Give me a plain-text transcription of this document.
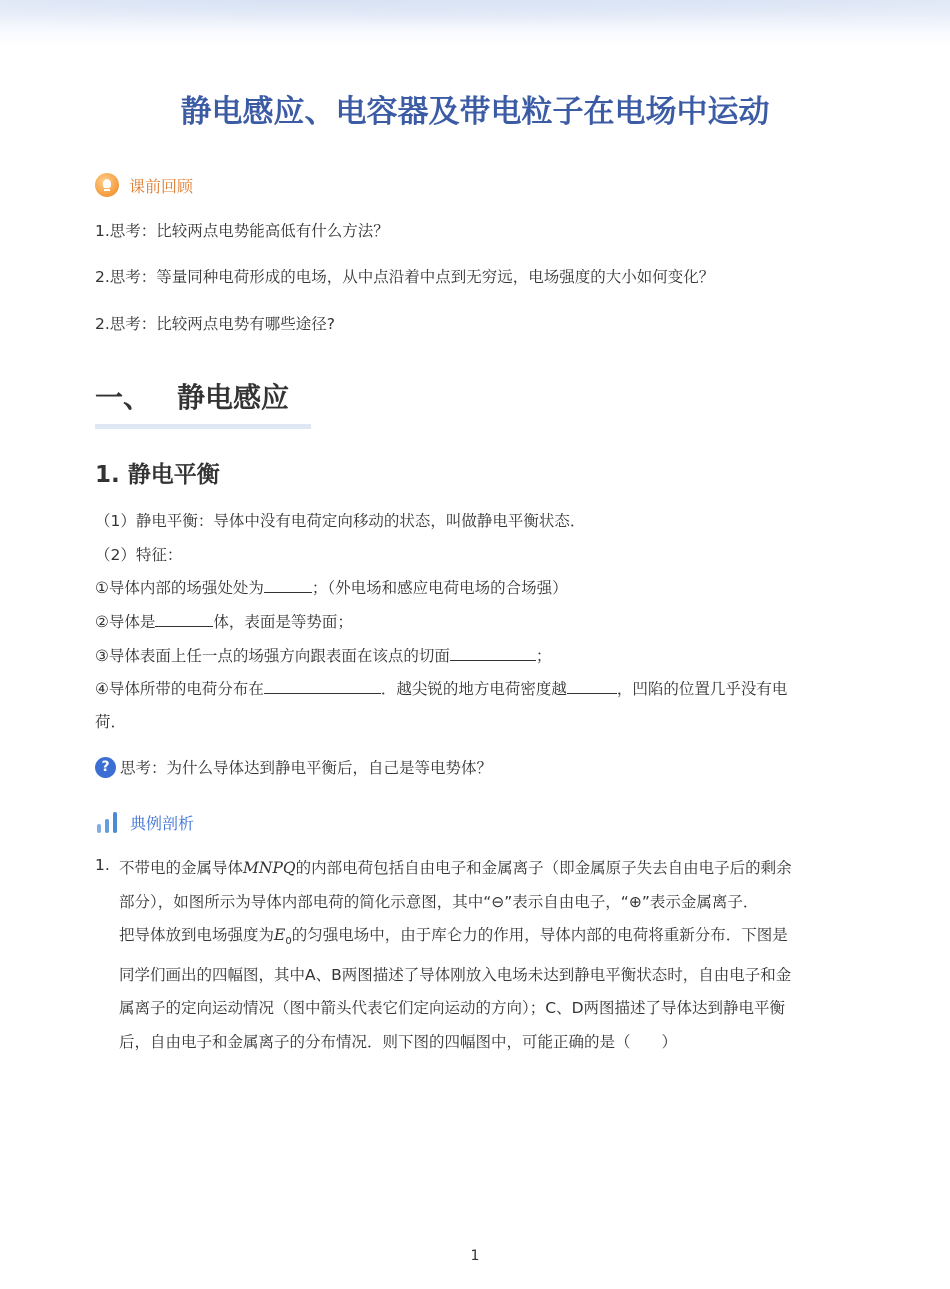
静电感应、电容器及带电粒子在电场中运动
课前回顾
1.思考：比较两点电势能高低有什么方法？
2.思考：等量同种电荷形成的电场，从中点沿着中点到无穷远，电场强度的大小如何变化？
2.思考：比较两点电势有哪些途径?
一、 静电感应
1. 静电平衡
（1）静电平衡：导体中没有电荷定向移动的状态，叫做静电平衡状态．
（2）特征：
①导体内部的场强处处为	；（外电场和感应电荷电场的合场强）
②导体是	体，表面是等势面；
③导体表面上任一点的场强方向跟表面在该点的切面	；
④导体所带的电荷分布在	．越尖锐的地方电荷密度越	，凹陷的位置几乎没有电
荷．
? 思考：为什么导体达到静电平衡后，自己是等电势体？
典例剖析
1. 不带电的金属导体MNPQ的内部电荷包括自由电子和金属离子（即金属原子失去自由电子后的剩余
部分），如图所示为导体内部电荷的简化示意图，其中“⊖”表示自由电子，“⊕”表示金属离子．
把导体放到电场强度为$E_0$的匀强电场中，由于库仑力的作用，导体内部的电荷将重新分布．下图是
同学们画出的四幅图，其中A、B两图描述了导体刚放入电场未达到静电平衡状态时，自由电子和金
属离子的定向运动情况（图中箭头代表它们定向运动的方向）；C、D两图描述了导体达到静电平衡
后，自由电子和金属离子的分布情况．则下图的四幅图中，可能正确的是（　　）
1
